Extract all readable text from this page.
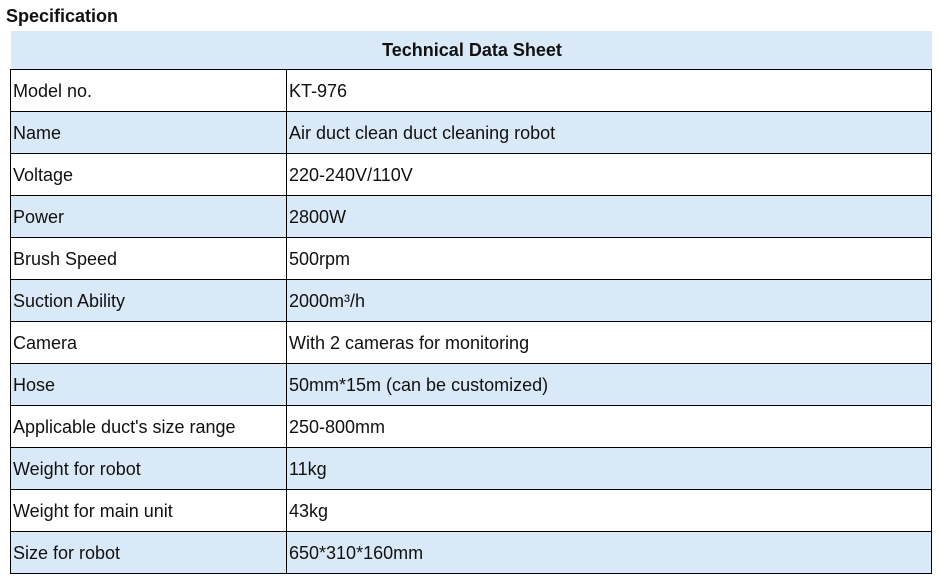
Specification
Technical Data Sheet	
Model no.	KT-976
Name	Air duct clean duct cleaning robot
Voltage	220-240V/110V
Power	2800W
Brush Speed	500rpm
Suction Ability	2000m³/h
Camera	With 2 cameras for monitoring
Hose	50mm*15m (can be customized)
Applicable duct's size range	250-800mm
Weight for robot	11kg
Weight for main unit	43kg
Size for robot	650*310*160mm
